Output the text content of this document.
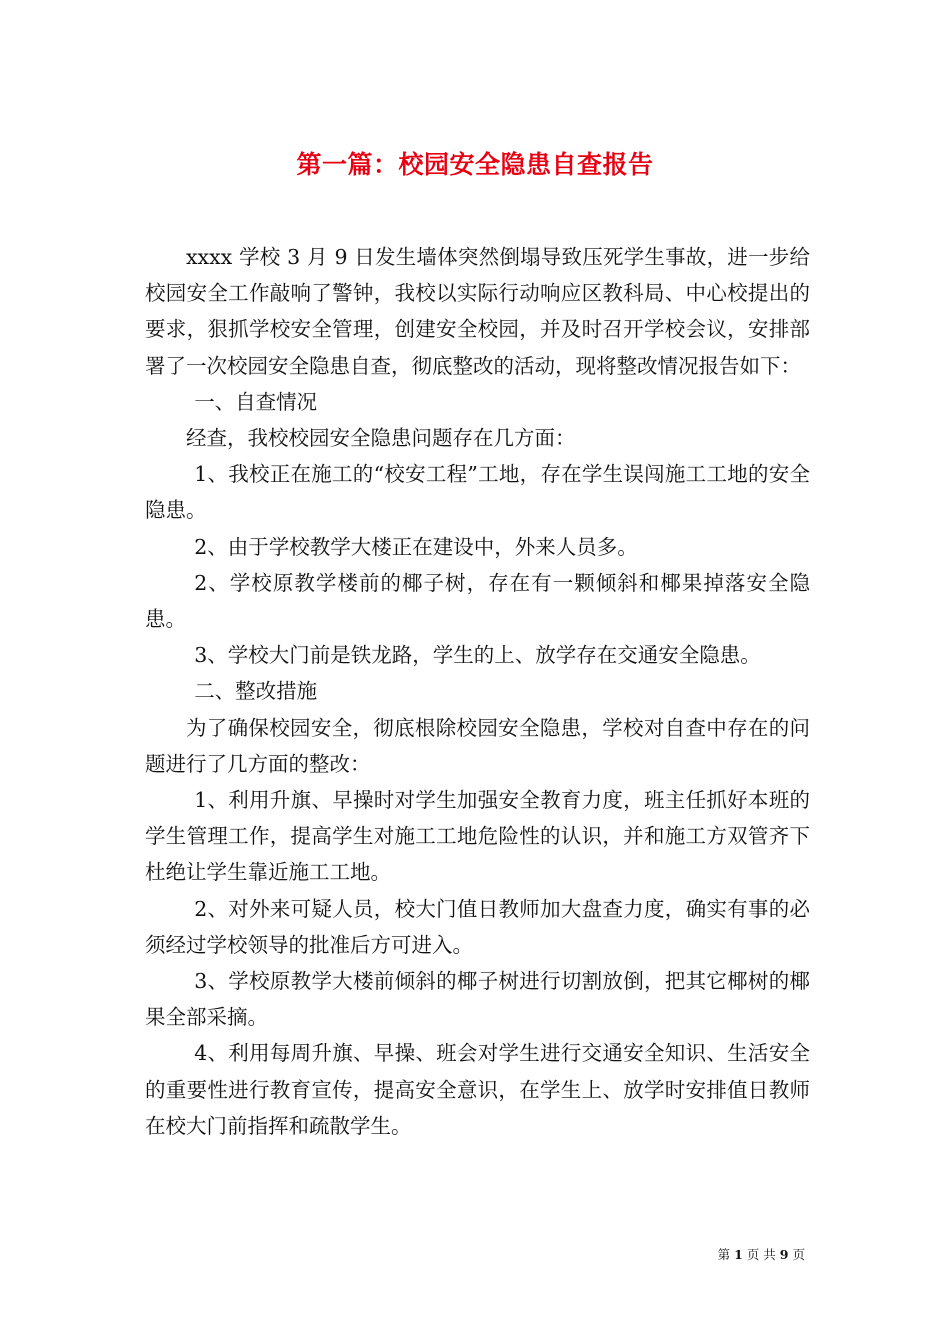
第一篇：校园安全隐患自查报告

xxxx 学校 3 月 9 日发生墙体突然倒塌导致压死学生事故，进一步给校园安全工作敲响了警钟，我校以实际行动响应区教科局、中心校提出的要求，狠抓学校安全管理，创建安全校园，并及时召开学校会议，安排部署了一次校园安全隐患自查，彻底整改的活动，现将整改情况报告如下：

一、自查情况

经查，我校校园安全隐患问题存在几方面：

1、我校正在施工的“校安工程”工地，存在学生误闯施工工地的安全隐患。

2、由于学校教学大楼正在建设中，外来人员多。

2、学校原教学楼前的椰子树，存在有一颗倾斜和椰果掉落安全隐患。

3、学校大门前是铁龙路，学生的上、放学存在交通安全隐患。

二、整改措施

为了确保校园安全，彻底根除校园安全隐患，学校对自查中存在的问题进行了几方面的整改：

1、利用升旗、早操时对学生加强安全教育力度，班主任抓好本班的学生管理工作，提高学生对施工工地危险性的认识，并和施工方双管齐下杜绝让学生靠近施工工地。

2、对外来可疑人员，校大门值日教师加大盘查力度，确实有事的必须经过学校领导的批准后方可进入。

3、学校原教学大楼前倾斜的椰子树进行切割放倒，把其它椰树的椰果全部采摘。

4、利用每周升旗、早操、班会对学生进行交通安全知识、生活安全的重要性进行教育宣传，提高安全意识，在学生上、放学时安排值日教师在校大门前指挥和疏散学生。

第 1 页 共 9 页
